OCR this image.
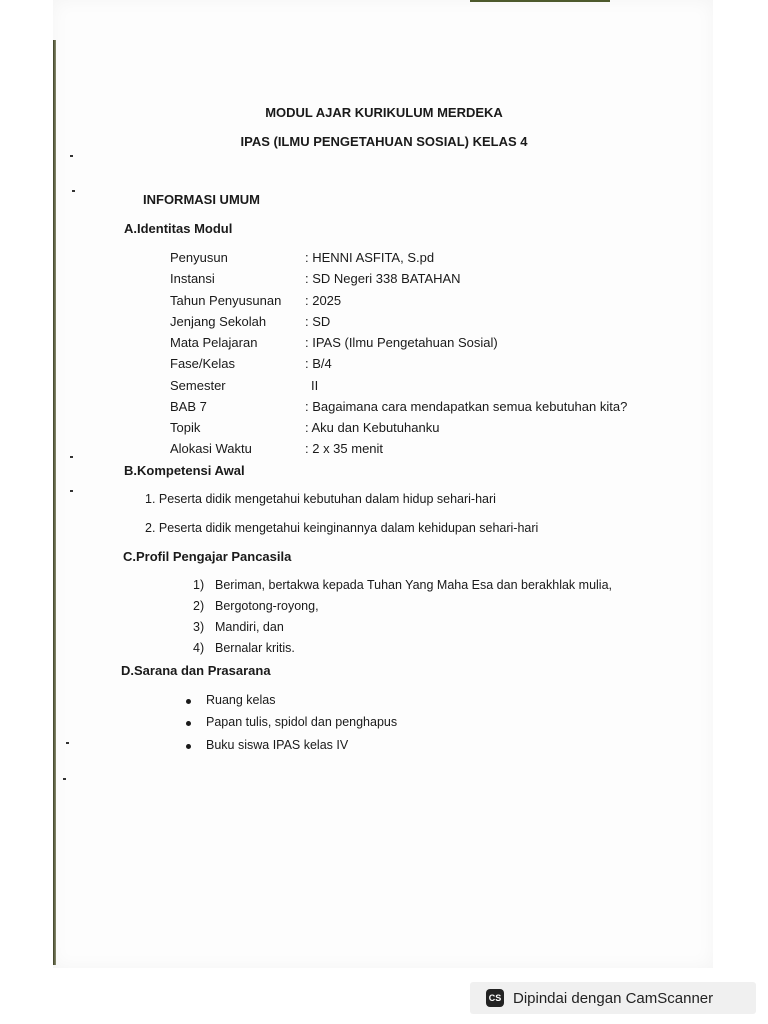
MODUL AJAR KURIKULUM MERDEKA
IPAS (ILMU PENGETAHUAN SOSIAL) KELAS 4
INFORMASI UMUM
A.Identitas Modul
Penyusun	: HENNI ASFITA, S.pd
Instansi	: SD Negeri 338 BATAHAN
Tahun Penyusunan : 2025
Jenjang Sekolah	: SD
Mata Pelajaran	: IPAS (Ilmu Pengetahuan Sosial)
Fase/Kelas	: B/4
Semester	II
BAB 7	: Bagaimana cara mendapatkan semua kebutuhan kita?
Topik	: Aku dan Kebutuhanku
Alokasi Waktu	: 2 x 35 menit
B.Kompetensi Awal
1. Peserta didik mengetahui kebutuhan dalam hidup sehari-hari
2. Peserta didik mengetahui keinginannya dalam kehidupan sehari-hari
C.Profil Pengajar Pancasila
1) Beriman, bertakwa kepada Tuhan Yang Maha Esa dan berakhlak mulia,
2) Bergotong-royong,
3) Mandiri, dan
4) Bernalar kritis.
D.Sarana dan Prasarana
Ruang kelas
Papan tulis, spidol dan penghapus
Buku siswa IPAS kelas IV
CS Dipindai dengan CamScanner
